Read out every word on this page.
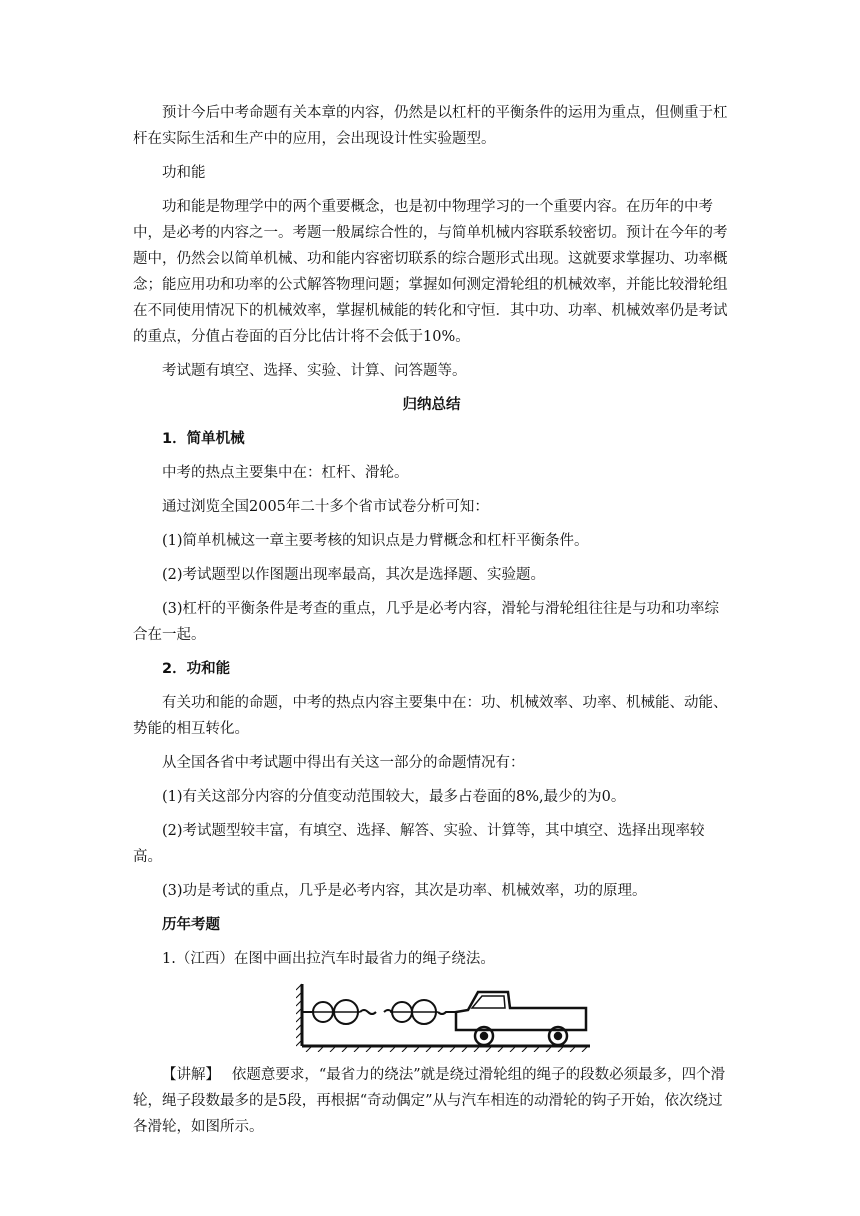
预计今后中考命题有关本章的内容，仍然是以杠杆的平衡条件的运用为重点，但侧重于杠杆在实际生活和生产中的应用，会出现设计性实验题型。

功和能

功和能是物理学中的两个重要概念，也是初中物理学习的一个重要内容。在历年的中考中，是必考的内容之一。考题一般属综合性的，与简单机械内容联系较密切。预计在今年的考题中，仍然会以简单机械、功和能内容密切联系的综合题形式出现。这就要求掌握功、功率概念；能应用功和功率的公式解答物理问题；掌握如何测定滑轮组的机械效率，并能比较滑轮组在不同使用情况下的机械效率，掌握机械能的转化和守恒．其中功、功率、机械效率仍是考试的重点，分值占卷面的百分比估计将不会低于10%。

考试题有填空、选择、实验、计算、问答题等。

归纳总结

1．简单机械

中考的热点主要集中在：杠杆、滑轮。

通过浏览全国2005年二十多个省市试卷分析可知：

(1)简单机械这一章主要考核的知识点是力臂概念和杠杆平衡条件。

(2)考试题型以作图题出现率最高，其次是选择题、实验题。

(3)杠杆的平衡条件是考查的重点，几乎是必考内容，滑轮与滑轮组往往是与功和功率综合在一起。

2．功和能

有关功和能的命题，中考的热点内容主要集中在：功、机械效率、功率、机械能、动能、势能的相互转化。

从全国各省中考试题中得出有关这一部分的命题情况有：

(1)有关这部分内容的分值变动范围较大，最多占卷面的8%,最少的为0。

(2)考试题型较丰富，有填空、选择、解答、实验、计算等，其中填空、选择出现率较高。

(3)功是考试的重点，几乎是必考内容，其次是功率、机械效率，功的原理。

历年考题

1.（江西）在图中画出拉汽车时最省力的绳子绕法。

【讲解】　 依题意要求，“最省力的绕法”就是绕过滑轮组的绳子的段数必须最多，四个滑轮，绳子段数最多的是5段，再根据“奇动偶定”从与汽车相连的动滑轮的钩子开始，依次绕过各滑轮，如图所示。
